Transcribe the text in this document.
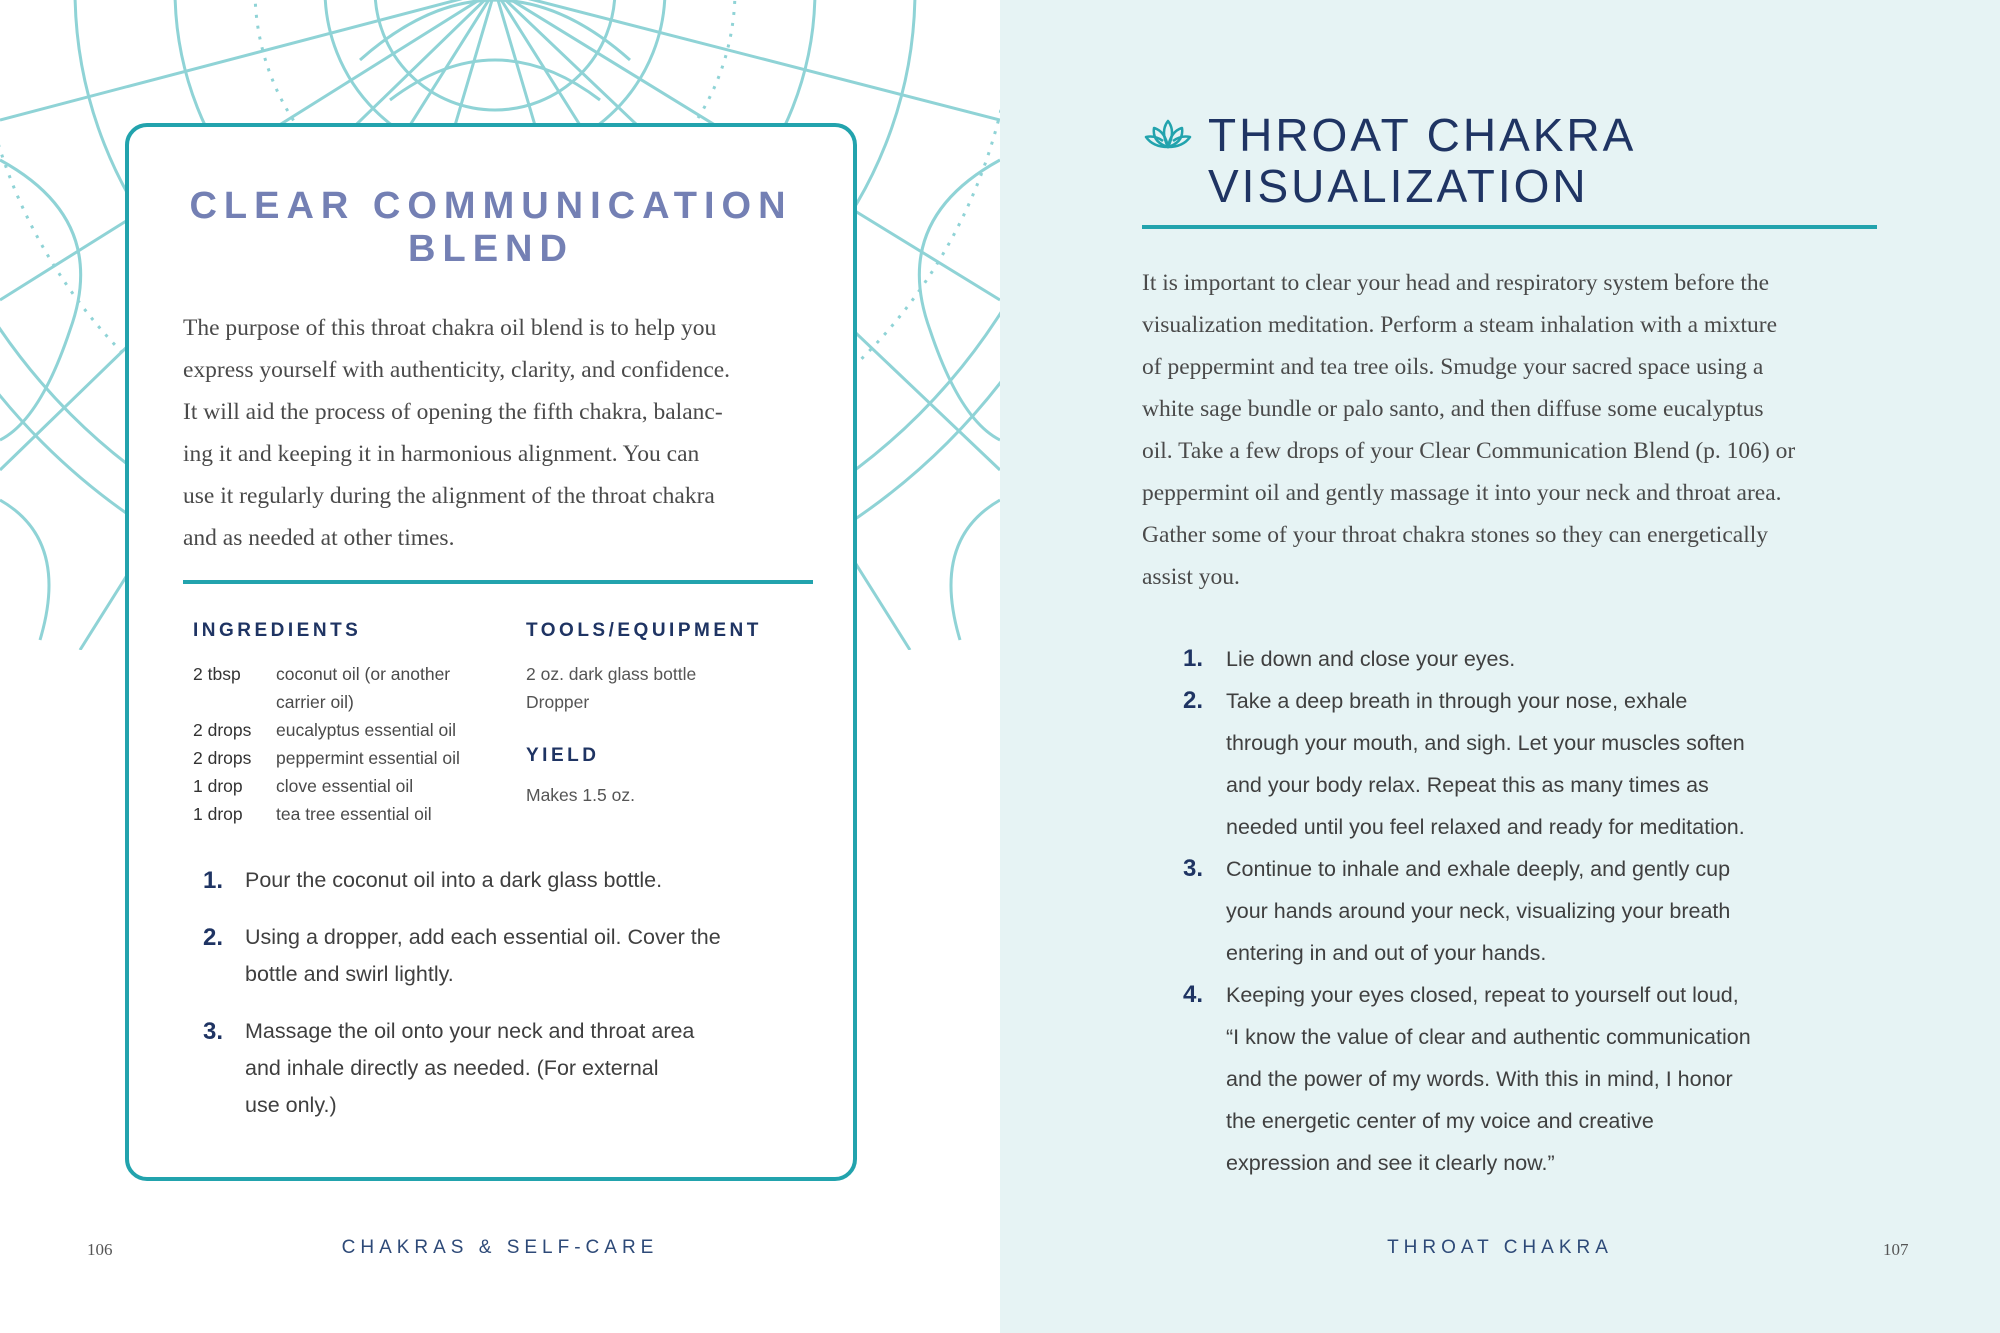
CLEAR COMMUNICATION
BLEND

The purpose of this throat chakra oil blend is to help you
express yourself with authenticity, clarity, and confidence.
It will aid the process of opening the fifth chakra, balanc-
ing it and keeping it in harmonious alignment. You can
use it regularly during the alignment of the throat chakra
and as needed at other times.

INGREDIENTS
2 tbsp	coconut oil (or another
carrier oil)
2 drops	eucalyptus essential oil
2 drops	peppermint essential oil
1 drop	clove essential oil
1 drop	tea tree essential oil
TOOLS/EQUIPMENT
2 oz. dark glass bottle
Dropper
YIELD
Makes 1.5 oz.
1. Pour the coconut oil into a dark glass bottle.
2. Using a dropper, add each essential oil. Cover the
bottle and swirl lightly.
3. Massage the oil onto your neck and throat area
and inhale directly as needed. (For external
use only.)

106	CHAKRAS & SELF-CARE

THROAT CHAKRA
VISUALIZATION

It is important to clear your head and respiratory system before the
visualization meditation. Perform a steam inhalation with a mixture
of peppermint and tea tree oils. Smudge your sacred space using a
white sage bundle or palo santo, and then diffuse some eucalyptus
oil. Take a few drops of your Clear Communication Blend (p. 106) or
peppermint oil and gently massage it into your neck and throat area.
Gather some of your throat chakra stones so they can energetically
assist you.

1. Lie down and close your eyes.
2. Take a deep breath in through your nose, exhale
through your mouth, and sigh. Let your muscles soften
and your body relax. Repeat this as many times as
needed until you feel relaxed and ready for meditation.
3. Continue to inhale and exhale deeply, and gently cup
your hands around your neck, visualizing your breath
entering in and out of your hands.
4. Keeping your eyes closed, repeat to yourself out loud,
“I know the value of clear and authentic communication
and the power of my words. With this in mind, I honor
the energetic center of my voice and creative
expression and see it clearly now.”

THROAT CHAKRA	107
